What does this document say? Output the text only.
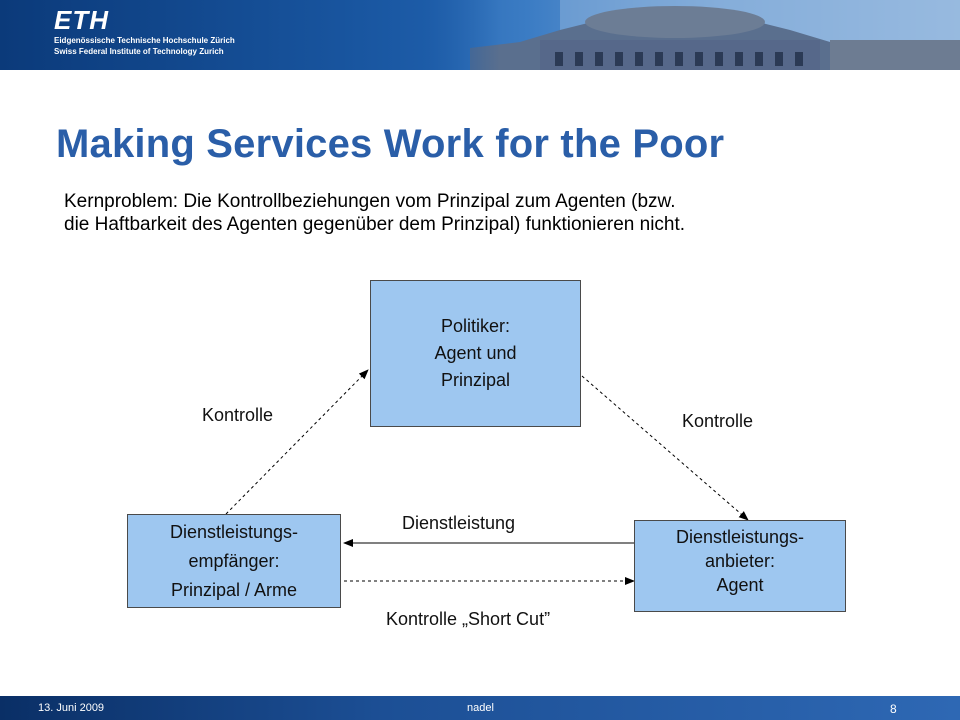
ETH
Eidgenössische Technische Hochschule Zürich
Swiss Federal Institute of Technology Zurich
Making Services Work for the Poor
Kernproblem: Die Kontrollbeziehungen vom Prinzipal zum Agenten (bzw.
die Haftbarkeit des Agenten gegenüber dem Prinzipal) funktionieren nicht.
Politiker:
Agent und
Prinzipal
Dienstleistungs-
empfänger:
Prinzipal / Arme
Dienstleistungs-
anbieter:
Agent
Kontrolle	Kontrolle
Dienstleistung
Kontrolle „Short Cut”
13. Juni 2009	nadel	8
